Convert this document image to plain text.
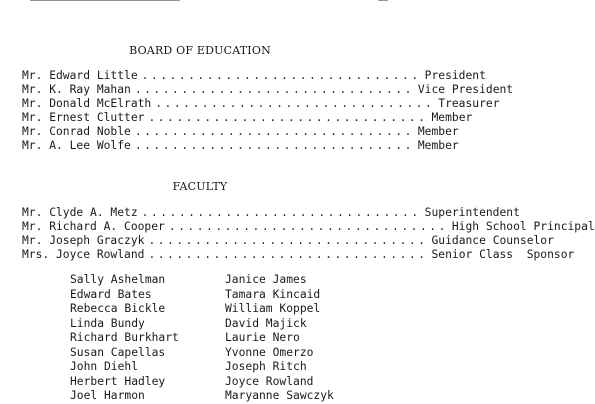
BOARD OF EDUCATION
Mr. Edward Little .............................. President
Mr. K. Ray Mahan .............................. Vice President
Mr. Donald McElrath .............................. Treasurer
Mr. Ernest Clutter .............................. Member
Mr. Conrad Noble .............................. Member
Mr. A. Lee Wolfe .............................. Member
FACULTY
Mr. Clyde A. Metz .............................. Superintendent
Mr. Richard A. Cooper .............................. High School Principal
Mr. Joseph Graczyk .............................. Guidance Counselor
Mrs. Joyce Rowland .............................. Senior Class  Sponsor
Sally Ashelman
Edward Bates
Rebecca Bickle
Linda Bundy
Richard Burkhart
Susan Capellas
John Diehl
Herbert Hadley
Joel Harmon
Janice James
Tamara Kincaid
William Koppel
David Majick
Laurie Nero
Yvonne Omerzo
Joseph Ritch
Joyce Rowland
Maryanne Sawczyk
